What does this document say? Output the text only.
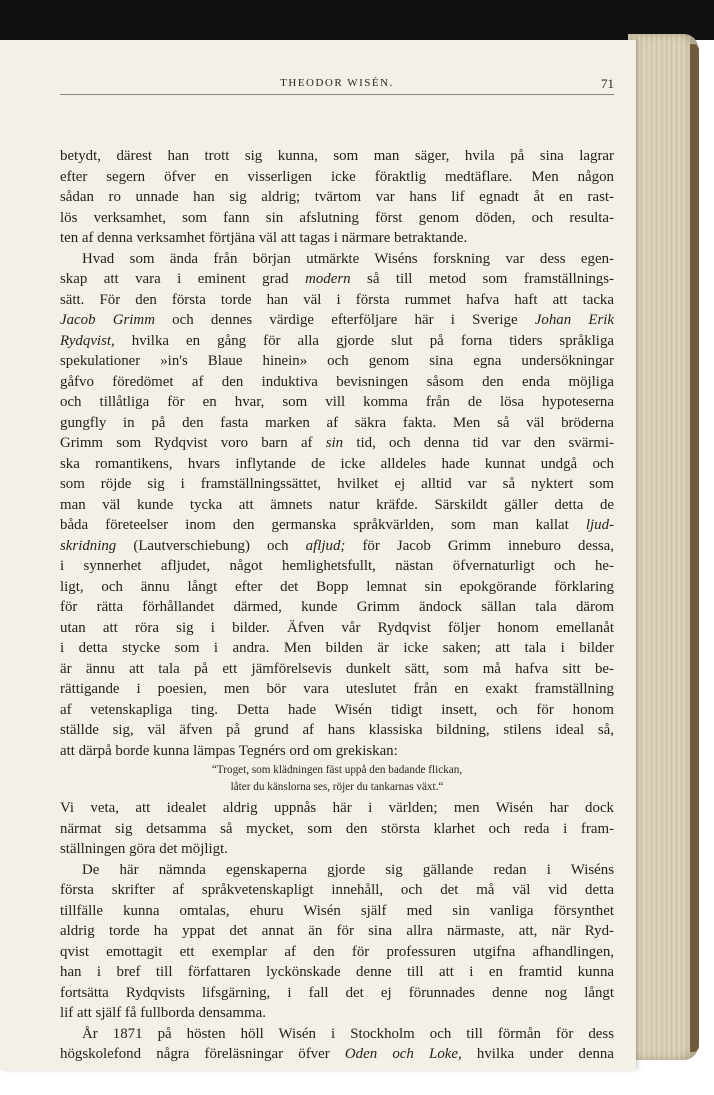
THEODOR WISÉN.	71
betydt, därest han trott sig kunna, som man säger, hvila på sina lagrar
efter segern öfver en visserligen icke föraktlig medtäflare. Men någon
sådan ro unnade han sig aldrig; tvärtom var hans lif egnadt åt en rast-
lös verksamhet, som fann sin afslutning först genom döden, och resulta-
ten af denna verksamhet förtjäna väl att tagas i närmare betraktande.
Hvad som ända från början utmärkte Wiséns forskning var dess egen-
skap att vara i eminent grad modern så till metod som framställnings-
sätt. För den första torde han väl i första rummet hafva haft att tacka
Jacob Grimm och dennes värdige efterföljare här i Sverige Johan Erik
Rydqvist, hvilka en gång för alla gjorde slut på forna tiders språkliga
spekulationer »in's Blaue hinein» och genom sina egna undersökningar
gåfvo föredömet af den induktiva bevisningen såsom den enda möjliga
och tillåtliga för en hvar, som vill komma från de lösa hypoteserna
gungfly in på den fasta marken af säkra fakta. Men så väl bröderna
Grimm som Rydqvist voro barn af sin tid, och denna tid var den svärmi-
ska romantikens, hvars inflytande de icke alldeles hade kunnat undgå och
som röjde sig i framställningssättet, hvilket ej alltid var så nyktert som
man väl kunde tycka att ämnets natur kräfde. Särskildt gäller detta de
båda företeelser inom den germanska språkvärlden, som man kallat ljud-
skridning (Lautverschiebung) och afljud; för Jacob Grimm inneburo dessa,
i synnerhet afljudet, något hemlighetsfullt, nästan öfvernaturligt och he-
ligt, och ännu långt efter det Bopp lemnat sin epokgörande förklaring
för rätta förhållandet därmed, kunde Grimm ändock sällan tala därom
utan att röra sig i bilder. Äfven vår Rydqvist följer honom emellanåt
i detta stycke som i andra. Men bilden är icke saken; att tala i bilder
är ännu att tala på ett jämförelsevis dunkelt sätt, som må hafva sitt be-
rättigande i poesien, men bör vara uteslutet från en exakt framställning
af vetenskapliga ting. Detta hade Wisén tidigt insett, och för honom
ställde sig, väl äfven på grund af hans klassiska bildning, stilens ideal så,
att därpå borde kunna lämpas Tegnérs ord om grekiskan:
“Troget, som klädningen fäst uppå den badande flickan,
låter du känslorna ses, röjer du tankarnas växt.“
Vi veta, att idealet aldrig uppnås här i världen; men Wisén har dock
närmat sig detsamma så mycket, som den största klarhet och reda i fram-
ställningen göra det möjligt.
De här nämnda egenskaperna gjorde sig gällande redan i Wiséns
första skrifter af språkvetenskapligt innehåll, och det må väl vid detta
tillfälle kunna omtalas, ehuru Wisén själf med sin vanliga försynthet
aldrig torde ha yppat det annat än för sina allra närmaste, att, när Ryd-
qvist emottagit ett exemplar af den för professuren utgifna afhandlingen,
han i bref till författaren lyckönskade denne till att i en framtid kunna
fortsätta Rydqvists lifsgärning, i fall det ej förunnades denne nog långt
lif att själf få fullborda densamma.
År 1871 på hösten höll Wisén i Stockholm och till förmån för dess
högskolefond några föreläsningar öfver Oden och Loke, hvilka under denna
